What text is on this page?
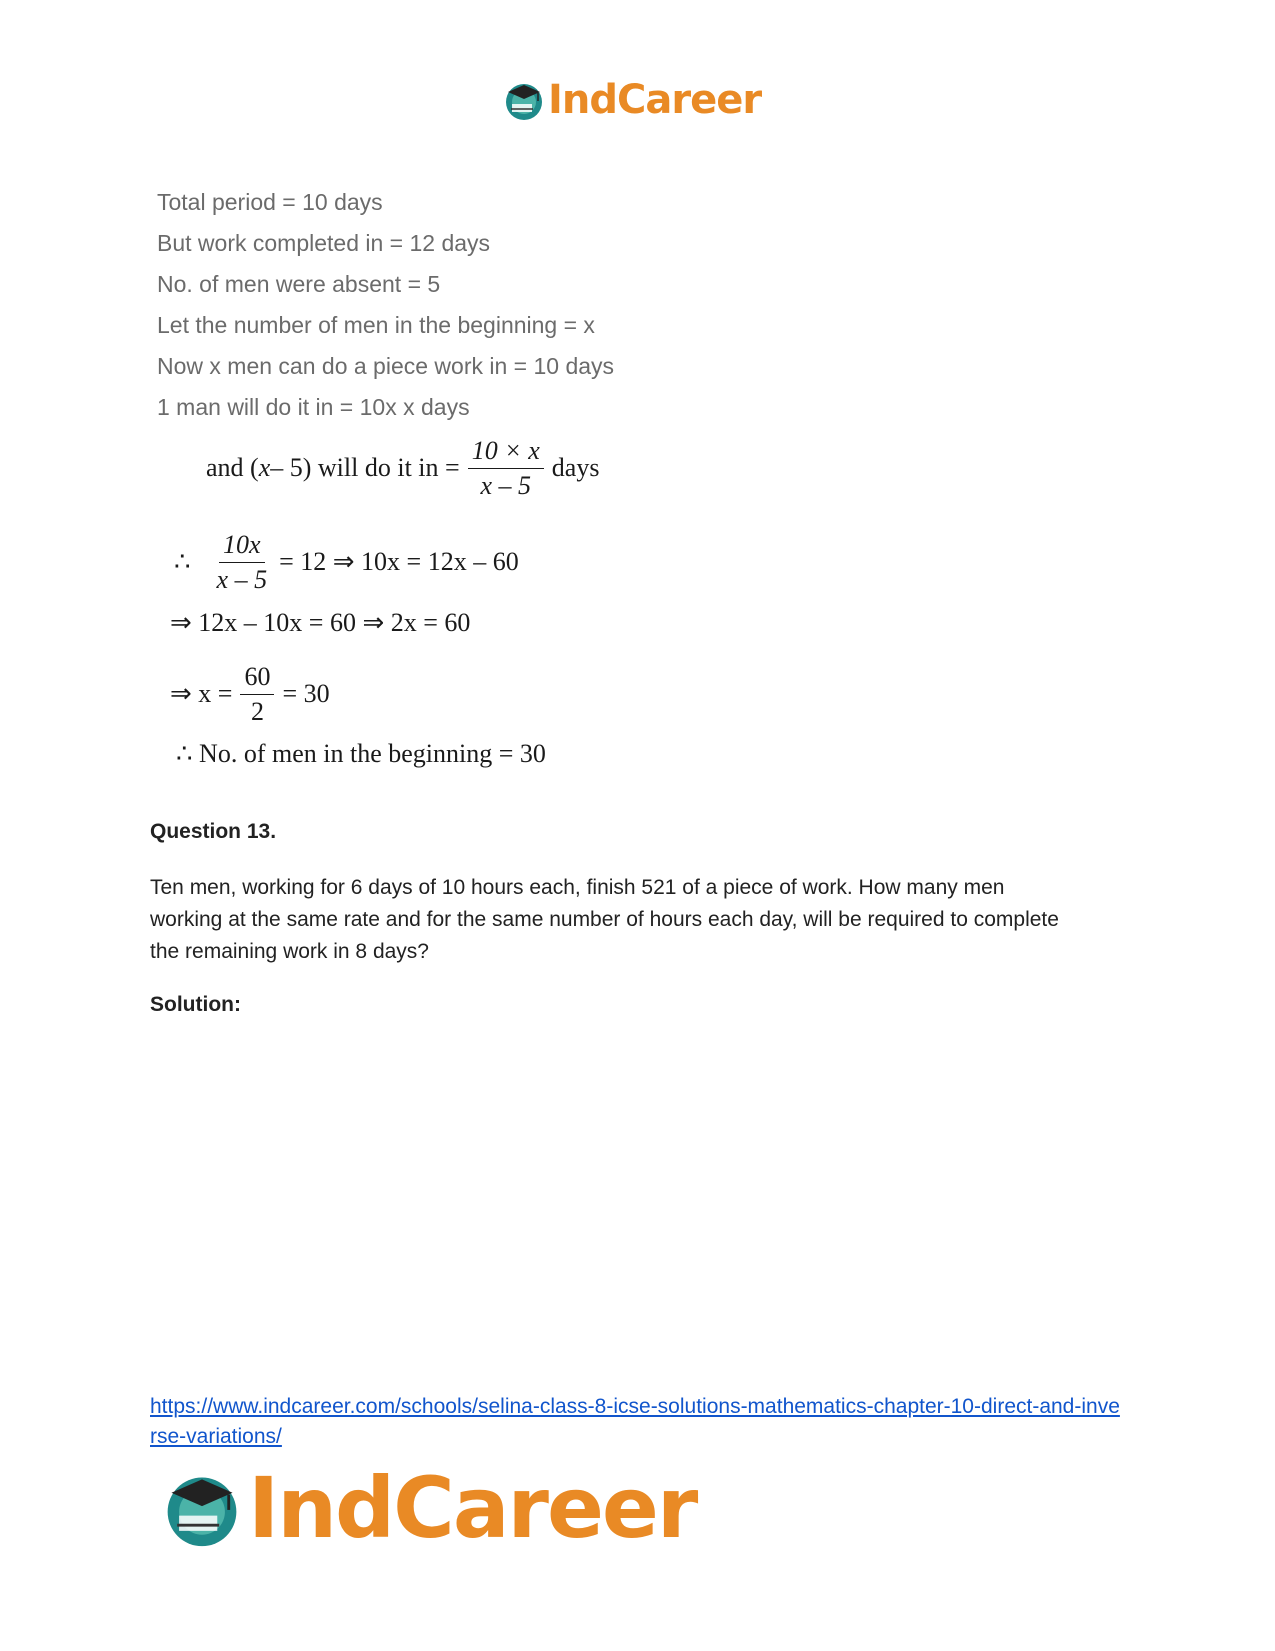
IndCareer
Total period = 10 days
But work completed in = 12 days
No. of men were absent = 5
Let the number of men in the beginning = x
Now x men can do a piece work in = 10 days
1 man will do it in = 10x x days
and ( x – 5) will do it in = $\frac{10 \times x}{x - 5}$ days
∴ $\frac{10x}{x - 5} = 12$ ⇒ 10x = 12x – 60
⇒ 12x – 10x = 60 ⇒ 2x = 60
⇒ $x = \frac{60}{2} = 30$
∴ No. of men in the beginning = 30
Question 13.
Ten men, working for 6 days of 10 hours each, finish 521 of a piece of work. How many men working at the same rate and for the same number of hours each day, will be required to complete the remaining work in 8 days?
Solution:
https://www.indcareer.com/schools/selina-class-8-icse-solutions-mathematics-chapter-10-direct-and-inverse-variations/
IndCareer
